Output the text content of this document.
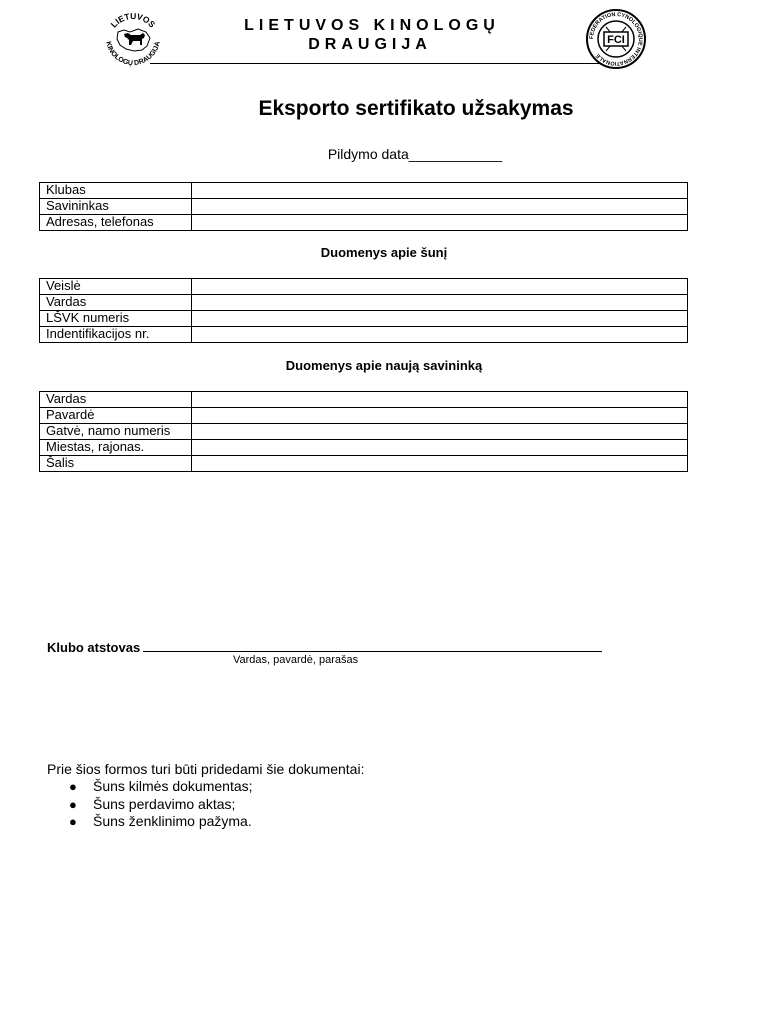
LIETUVOS
KINOLOGŲ DRAUGIJA

LIETUVOS KINOLOGŲ

DRAUGIJA	FEDERATION CYNOLOGIQUE INTERNATIONALE
FCI
Eksporto sertifikato užsakymas

Pildymo data____________

Klubas	
Savininkas	
Adresas, telefonas	
Duomenys apie šunį
Veislė	
Vardas	
LŠVK numeris	
Indentifikacijos nr.	
Duomenys apie naują savininką
Vardas	
Pavardė	
Gatvė, namo numeris	
Miestas, rajonas.	
Šalis	
Klubo atstovas
Vardas, pavardė, parašas

Prie šios formos turi būti pridedami šie dokumentai:

● Šuns kilmės dokumentas;
● Šuns perdavimo aktas;
● Šuns ženklinimo pažyma.
